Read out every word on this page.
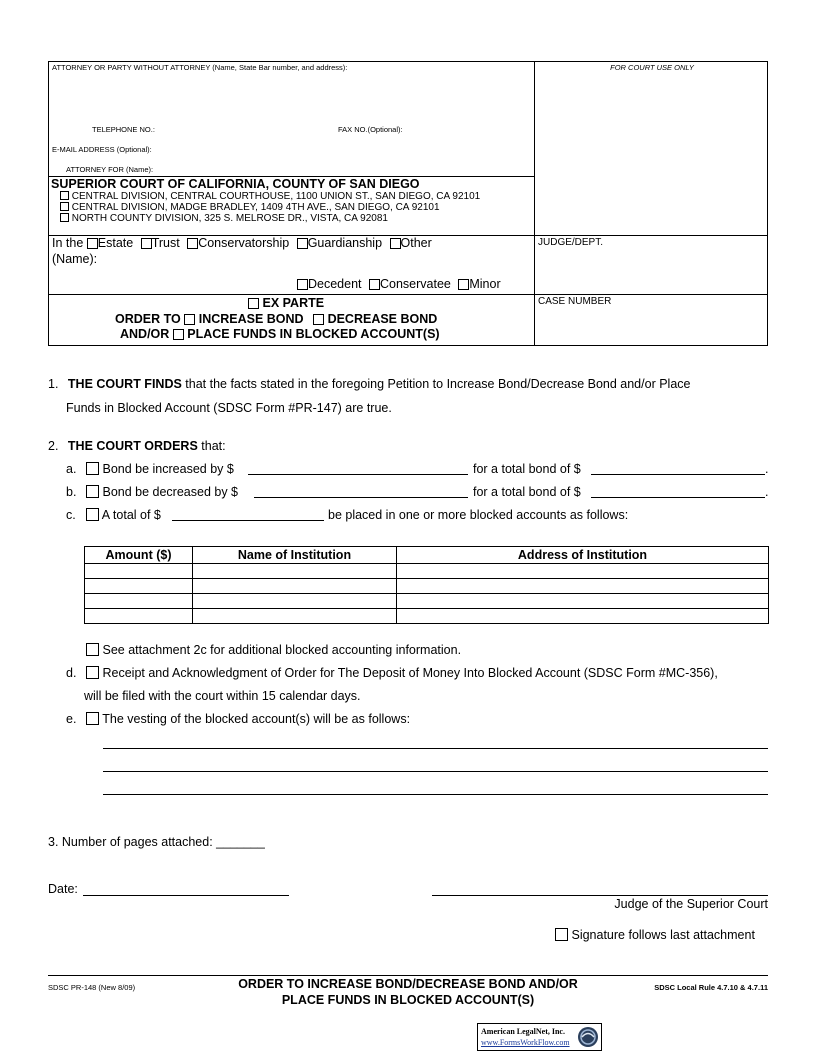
ATTORNEY OR PARTY WITHOUT ATTORNEY (Name, State Bar number, and address):	FOR COURT USE ONLY
TELEPHONE NO.:	FAX NO.(Optional):
E-MAIL ADDRESS (Optional):
ATTORNEY FOR (Name):
SUPERIOR COURT OF CALIFORNIA, COUNTY OF SAN DIEGO
CENTRAL DIVISION, CENTRAL COURTHOUSE, 1100 UNION ST., SAN DIEGO, CA 92101
CENTRAL DIVISION, MADGE BRADLEY, 1409 4TH AVE., SAN DIEGO, CA 92101
NORTH COUNTY DIVISION, 325 S. MELROSE DR., VISTA, CA 92081
In the Estate Trust Conservatorship Guardianship Other
(Name):
Decedent Conservatee Minor
JUDGE/DEPT.
CASE NUMBER
EX PARTE
ORDER TO INCREASE BOND DECREASE BOND
AND/OR PLACE FUNDS IN BLOCKED ACCOUNT(S)
1. THE COURT FINDS that the facts stated in the foregoing Petition to Increase Bond/Decrease Bond and/or Place
Funds in Blocked Account (SDSC Form #PR-147) are true.
2. THE COURT ORDERS that:
a.	Bond be increased by $	for a total bond of $	.
b.	Bond be decreased by $	for a total bond of $	.
c.	A total of $	be placed in one or more blocked accounts as follows:
Amount ($)	Name of Institution	Address of Institution

See attachment 2c for additional blocked accounting information.
d.	Receipt and Acknowledgment of Order for The Deposit of Money Into Blocked Account (SDSC Form #MC-356),
will be filed with the court within 15 calendar days.
e.	The vesting of the blocked account(s) will be as follows:
3. Number of pages attached: _______
Date:
Judge of the Superior Court
Signature follows last attachment
SDSC PR-148 (New 8/09)	ORDER TO INCREASE BOND/DECREASE BOND AND/OR
PLACE FUNDS IN BLOCKED ACCOUNT(S)
SDSC Local Rule 4.7.10 & 4.7.11
American LegalNet, Inc.
www.FormsWorkFlow.com
